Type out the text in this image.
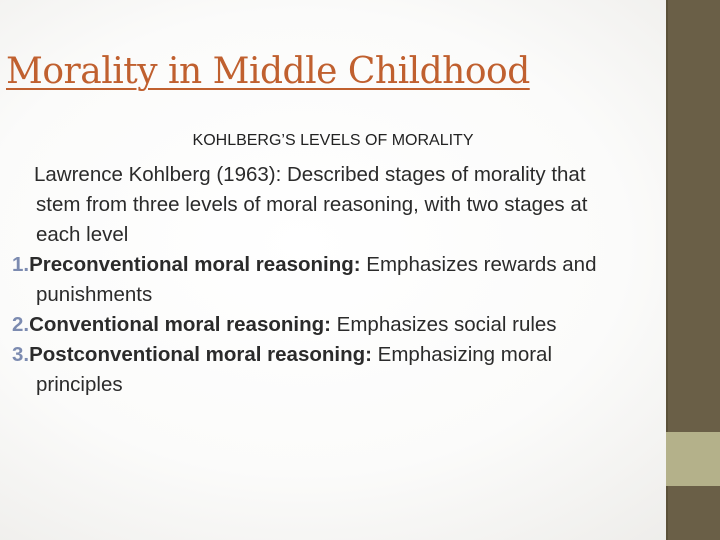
Morality in Middle Childhood
KOHLBERG’S LEVELS OF MORALITY
Lawrence Kohlberg (1963): Described stages of morality that stem from three levels of moral reasoning, with two stages at each level
1.Preconventional moral reasoning: Emphasizes rewards and punishments
2.Conventional moral reasoning: Emphasizes social rules
3.Postconventional moral reasoning: Emphasizing moral principles
